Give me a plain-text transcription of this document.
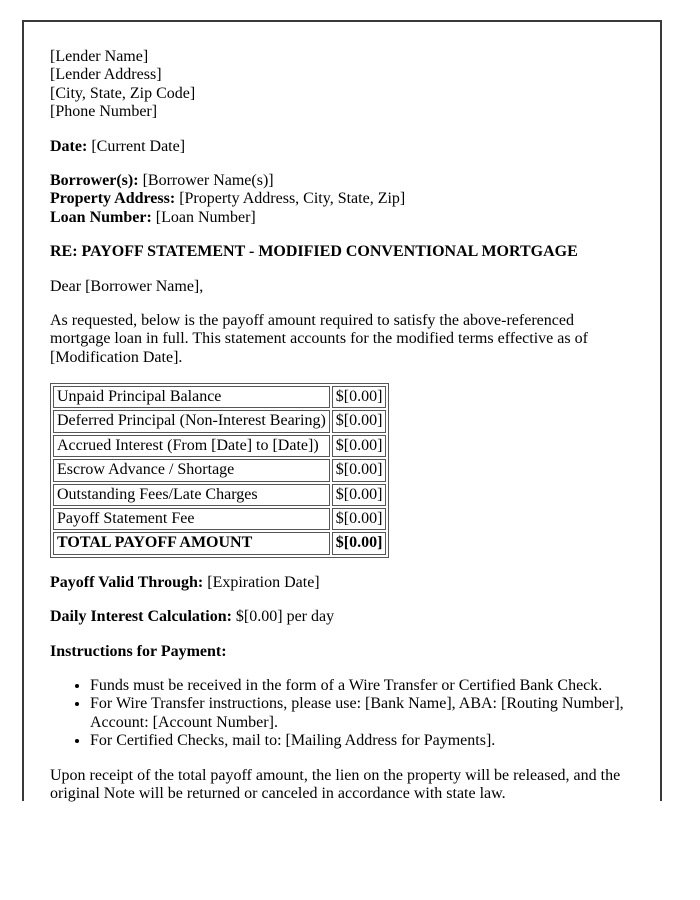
[Lender Name]
[Lender Address]
[City, State, Zip Code]
[Phone Number]

Date: [Current Date]

Borrower(s): [Borrower Name(s)]
Property Address: [Property Address, City, State, Zip]
Loan Number: [Loan Number]

RE: PAYOFF STATEMENT - MODIFIED CONVENTIONAL MORTGAGE

Dear [Borrower Name],

As requested, below is the payoff amount required to satisfy the above-referenced mortgage loan in full. This statement accounts for the modified terms effective as of [Modification Date].

Unpaid Principal Balance	$[0.00]
Deferred Principal (Non-Interest Bearing)	$[0.00]
Accrued Interest (From [Date] to [Date])	$[0.00]
Escrow Advance / Shortage	$[0.00]
Outstanding Fees/Late Charges	$[0.00]
Payoff Statement Fee	$[0.00]
TOTAL PAYOFF AMOUNT	$[0.00]

Payoff Valid Through: [Expiration Date]

Daily Interest Calculation: $[0.00] per day

Instructions for Payment:

• Funds must be received in the form of a Wire Transfer or Certified Bank Check.
• For Wire Transfer instructions, please use: [Bank Name], ABA: [Routing Number], Account: [Account Number].
• For Certified Checks, mail to: [Mailing Address for Payments].

Upon receipt of the total payoff amount, the lien on the property will be released, and the original Note will be returned or canceled in accordance with state law.
